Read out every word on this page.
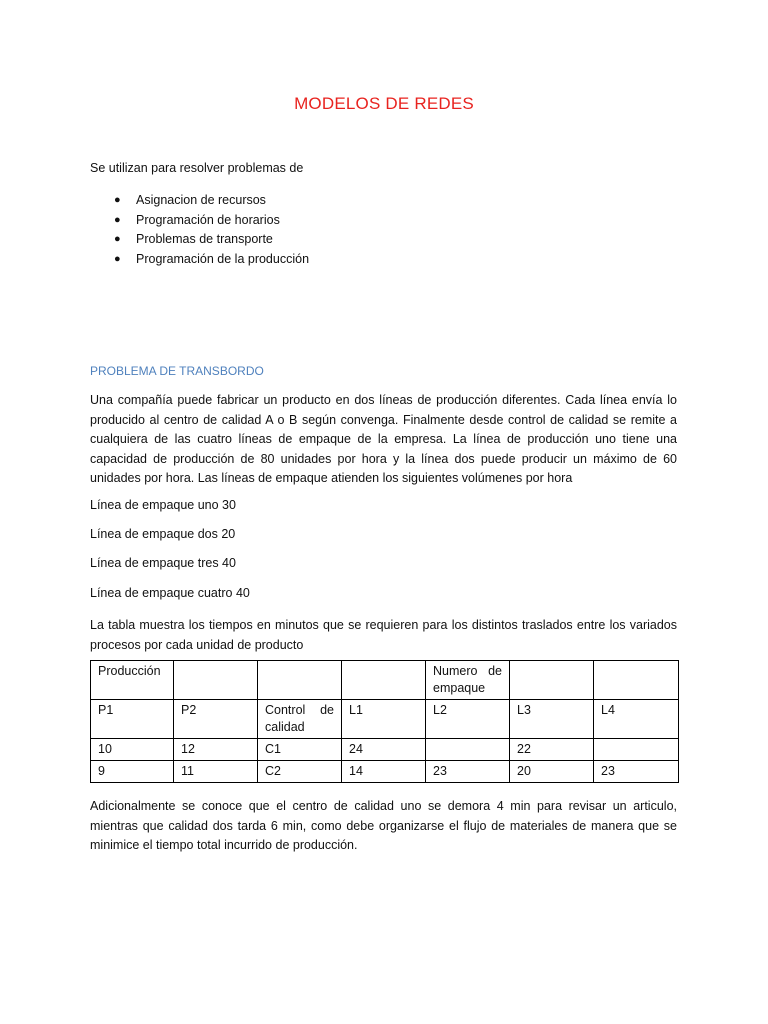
MODELOS DE REDES
Se utilizan para resolver problemas de
● Asignacion de recursos
● Programación de horarios
● Problemas de transporte
● Programación de la producción
PROBLEMA DE TRANSBORDO

Una compañía puede fabricar un producto en dos líneas de producción diferentes. Cada línea envía lo producido al centro de calidad A o B según convenga. Finalmente desde control de calidad se remite a cualquiera de las cuatro líneas de empaque de la empresa. La línea de producción uno tiene una capacidad de producción de 80 unidades por hora y la línea dos puede producir un máximo de 60 unidades por hora. Las líneas de empaque atienden los siguientes volúmenes por hora

Línea de empaque uno 30
Línea de empaque dos 20
Línea de empaque tres 40
Línea de empaque cuatro 40

La tabla muestra los tiempos en minutos que se requieren para los distintos traslados entre los variados procesos por cada unidad de producto

Producción				Numero de empaque		
P1	P2	Control de calidad	L1	L2	L3	L4
10	12	C1	24		22	
9	11	C2	14	23	20	23

Adicionalmente se conoce que el centro de calidad uno se demora 4 min para revisar un articulo, mientras que calidad dos tarda 6 min, como debe organizarse el flujo de materiales de manera que se minimice el tiempo total incurrido de producción.
